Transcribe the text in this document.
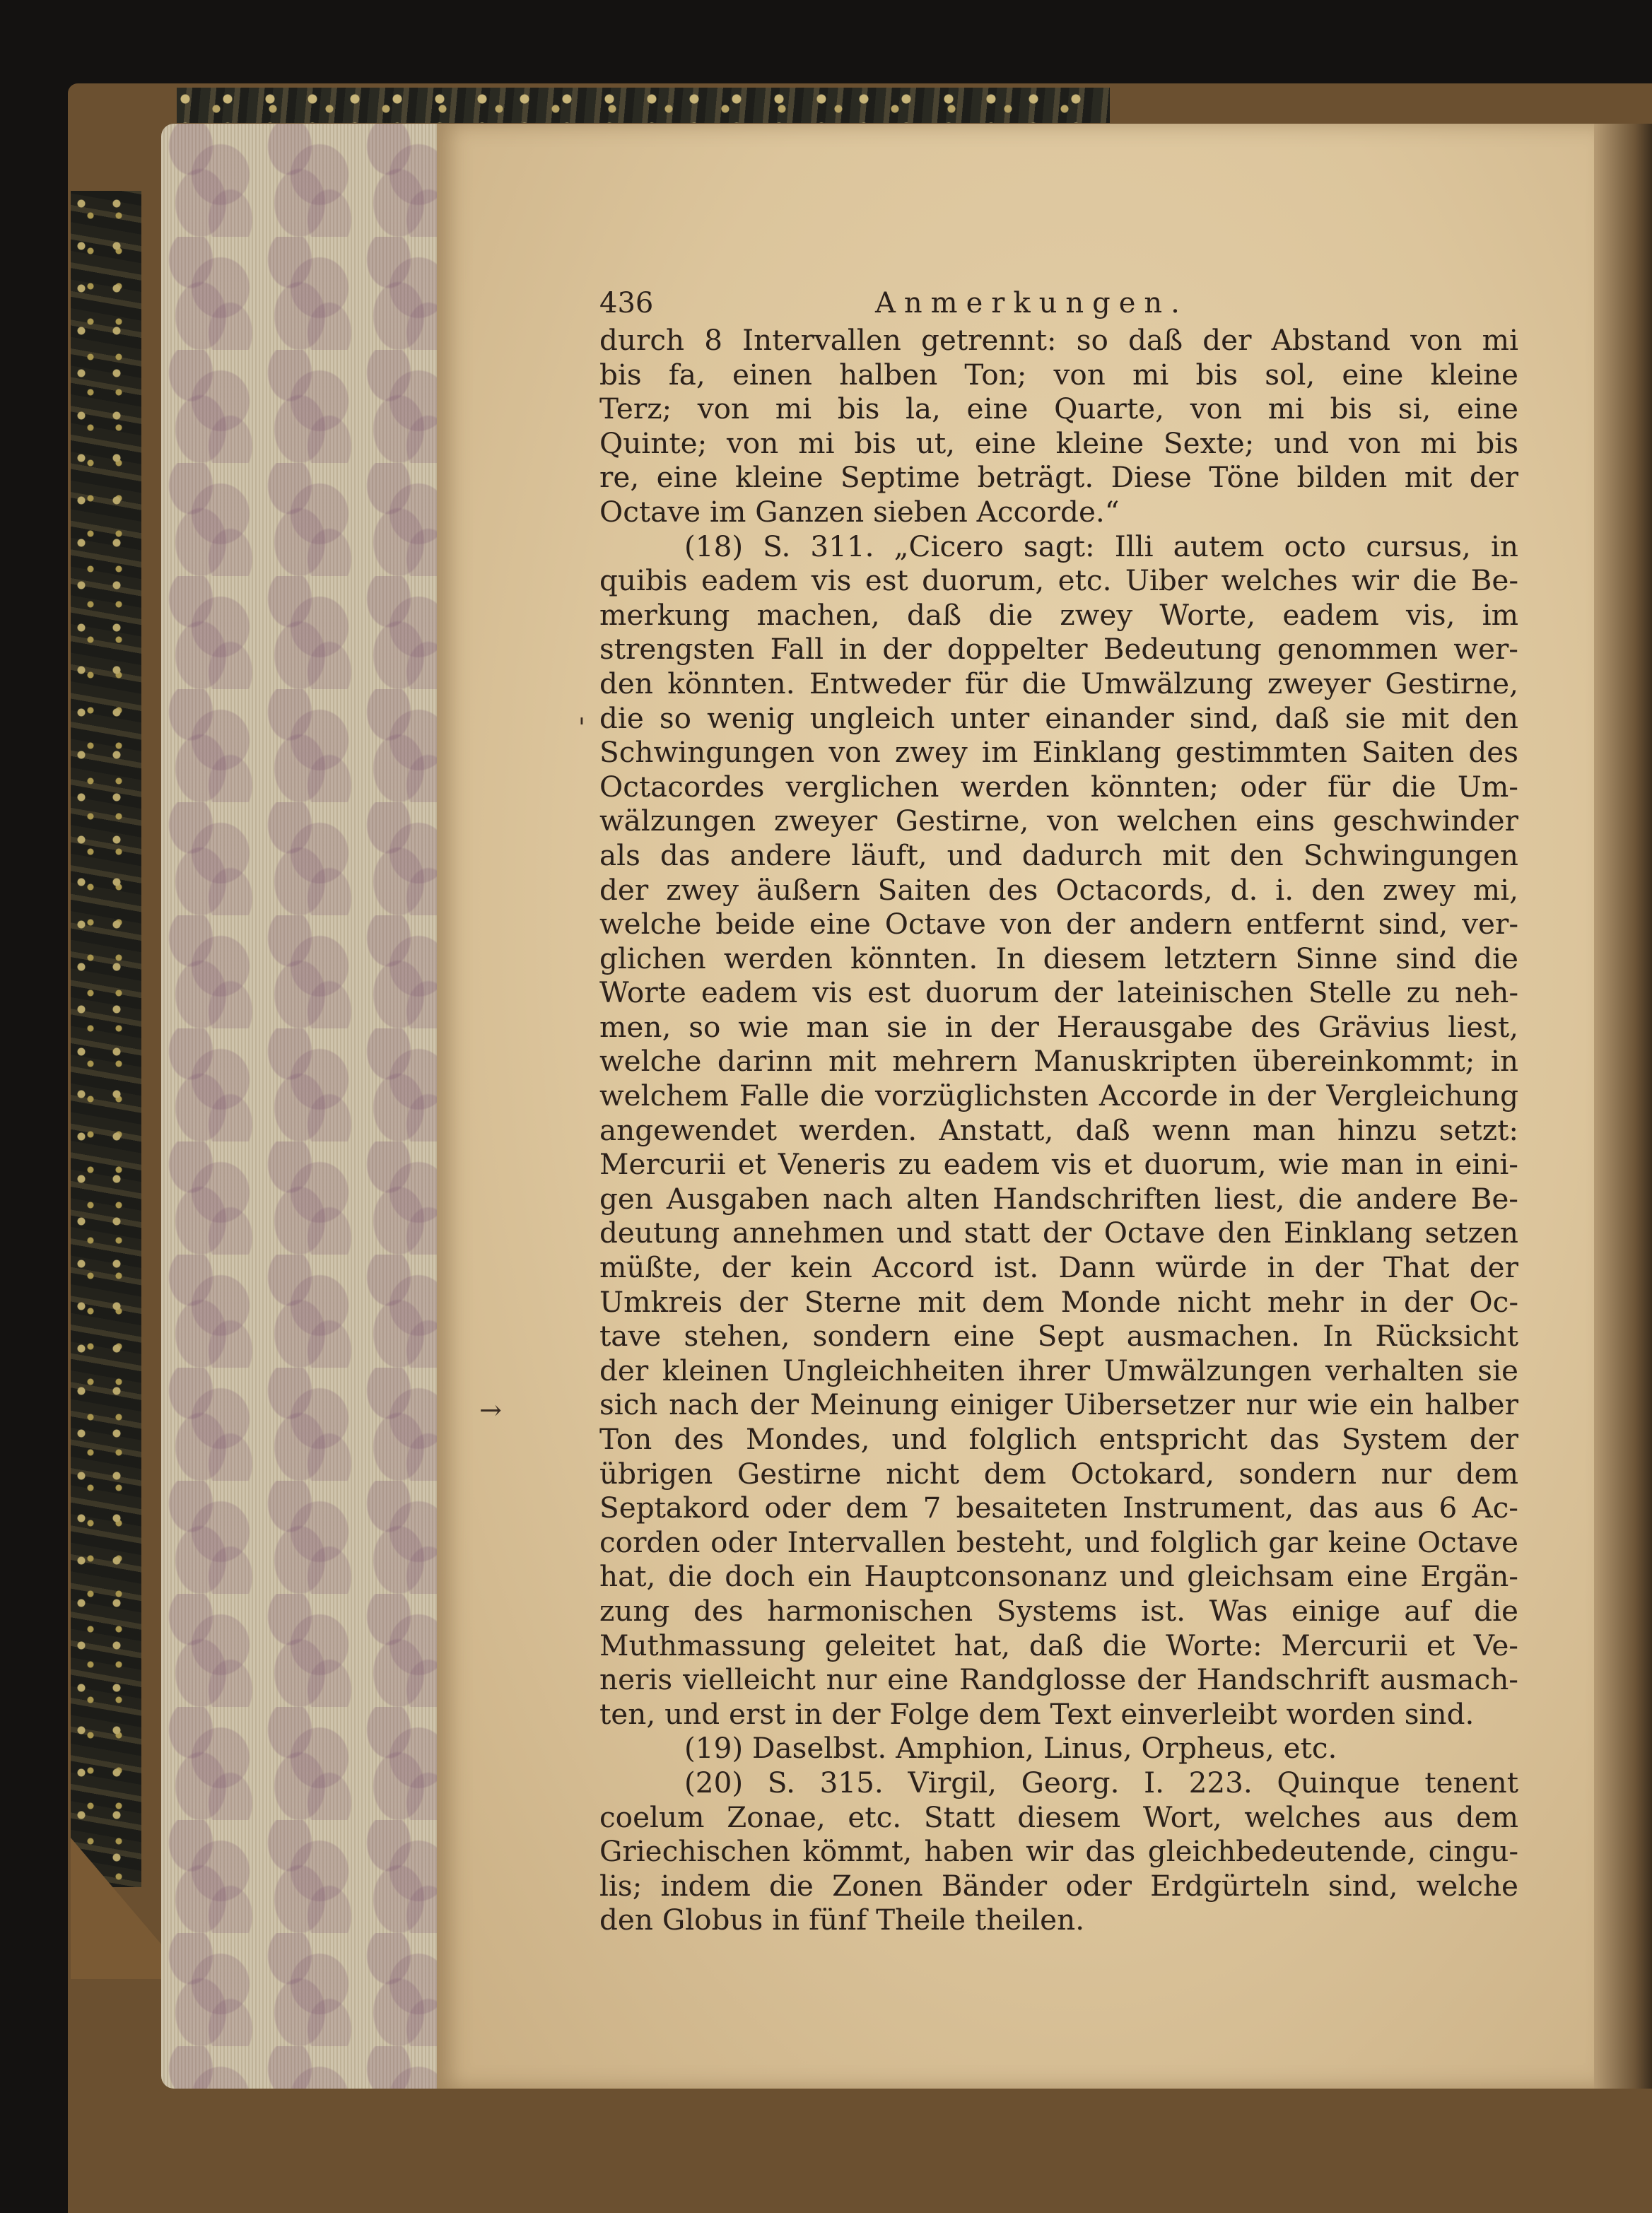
'
→
436	Anmerkungen.
durch 8 Intervallen getrennt: so daß der Abstand von mi
bis fa, einen halben Ton; von mi bis sol, eine kleine
Terz; von mi bis la, eine Quarte, von mi bis si, eine
Quinte; von mi bis ut, eine kleine Sexte; und von mi bis
re, eine kleine Septime beträgt. Diese Töne bilden mit der
Octave im Ganzen sieben Accorde.“
(18) S. 311. „Cicero sagt: Illi autem octo cursus, in
quibis eadem vis est duorum, etc. Uiber welches wir die Be-
merkung machen, daß die zwey Worte, eadem vis, im
strengsten Fall in der doppelter Bedeutung genommen wer-
den könnten. Entweder für die Umwälzung zweyer Gestirne,
die so wenig ungleich unter einander sind, daß sie mit den
Schwingungen von zwey im Einklang gestimmten Saiten des
Octacordes verglichen werden könnten; oder für die Um-
wälzungen zweyer Gestirne, von welchen eins geschwinder
als das andere läuft, und dadurch mit den Schwingungen
der zwey äußern Saiten des Octacords, d. i. den zwey mi,
welche beide eine Octave von der andern entfernt sind, ver-
glichen werden könnten. In diesem letztern Sinne sind die
Worte eadem vis est duorum der lateinischen Stelle zu neh-
men, so wie man sie in der Herausgabe des Grävius liest,
welche darinn mit mehrern Manuskripten übereinkommt; in
welchem Falle die vorzüglichsten Accorde in der Vergleichung
angewendet werden. Anstatt, daß wenn man hinzu setzt:
Mercurii et Veneris zu eadem vis et duorum, wie man in eini-
gen Ausgaben nach alten Handschriften liest, die andere Be-
deutung annehmen und statt der Octave den Einklang setzen
müßte, der kein Accord ist. Dann würde in der That der
Umkreis der Sterne mit dem Monde nicht mehr in der Oc-
tave stehen, sondern eine Sept ausmachen. In Rücksicht
der kleinen Ungleichheiten ihrer Umwälzungen verhalten sie
sich nach der Meinung einiger Uibersetzer nur wie ein halber
Ton des Mondes, und folglich entspricht das System der
übrigen Gestirne nicht dem Octokard, sondern nur dem
Septakord oder dem 7 besaiteten Instrument, das aus 6 Ac-
corden oder Intervallen besteht, und folglich gar keine Octave
hat, die doch ein Hauptconsonanz und gleichsam eine Ergän-
zung des harmonischen Systems ist. Was einige auf die
Muthmassung geleitet hat, daß die Worte: Mercurii et Ve-
neris vielleicht nur eine Randglosse der Handschrift ausmach-
ten, und erst in der Folge dem Text einverleibt worden sind.
(19) Daselbst. Amphion, Linus, Orpheus, etc.
(20) S. 315. Virgil, Georg. I. 223. Quinque tenent
coelum Zonae, etc. Statt diesem Wort, welches aus dem
Griechischen kömmt, haben wir das gleichbedeutende, cingu-
lis; indem die Zonen Bänder oder Erdgürteln sind, welche
den Globus in fünf Theile theilen.
